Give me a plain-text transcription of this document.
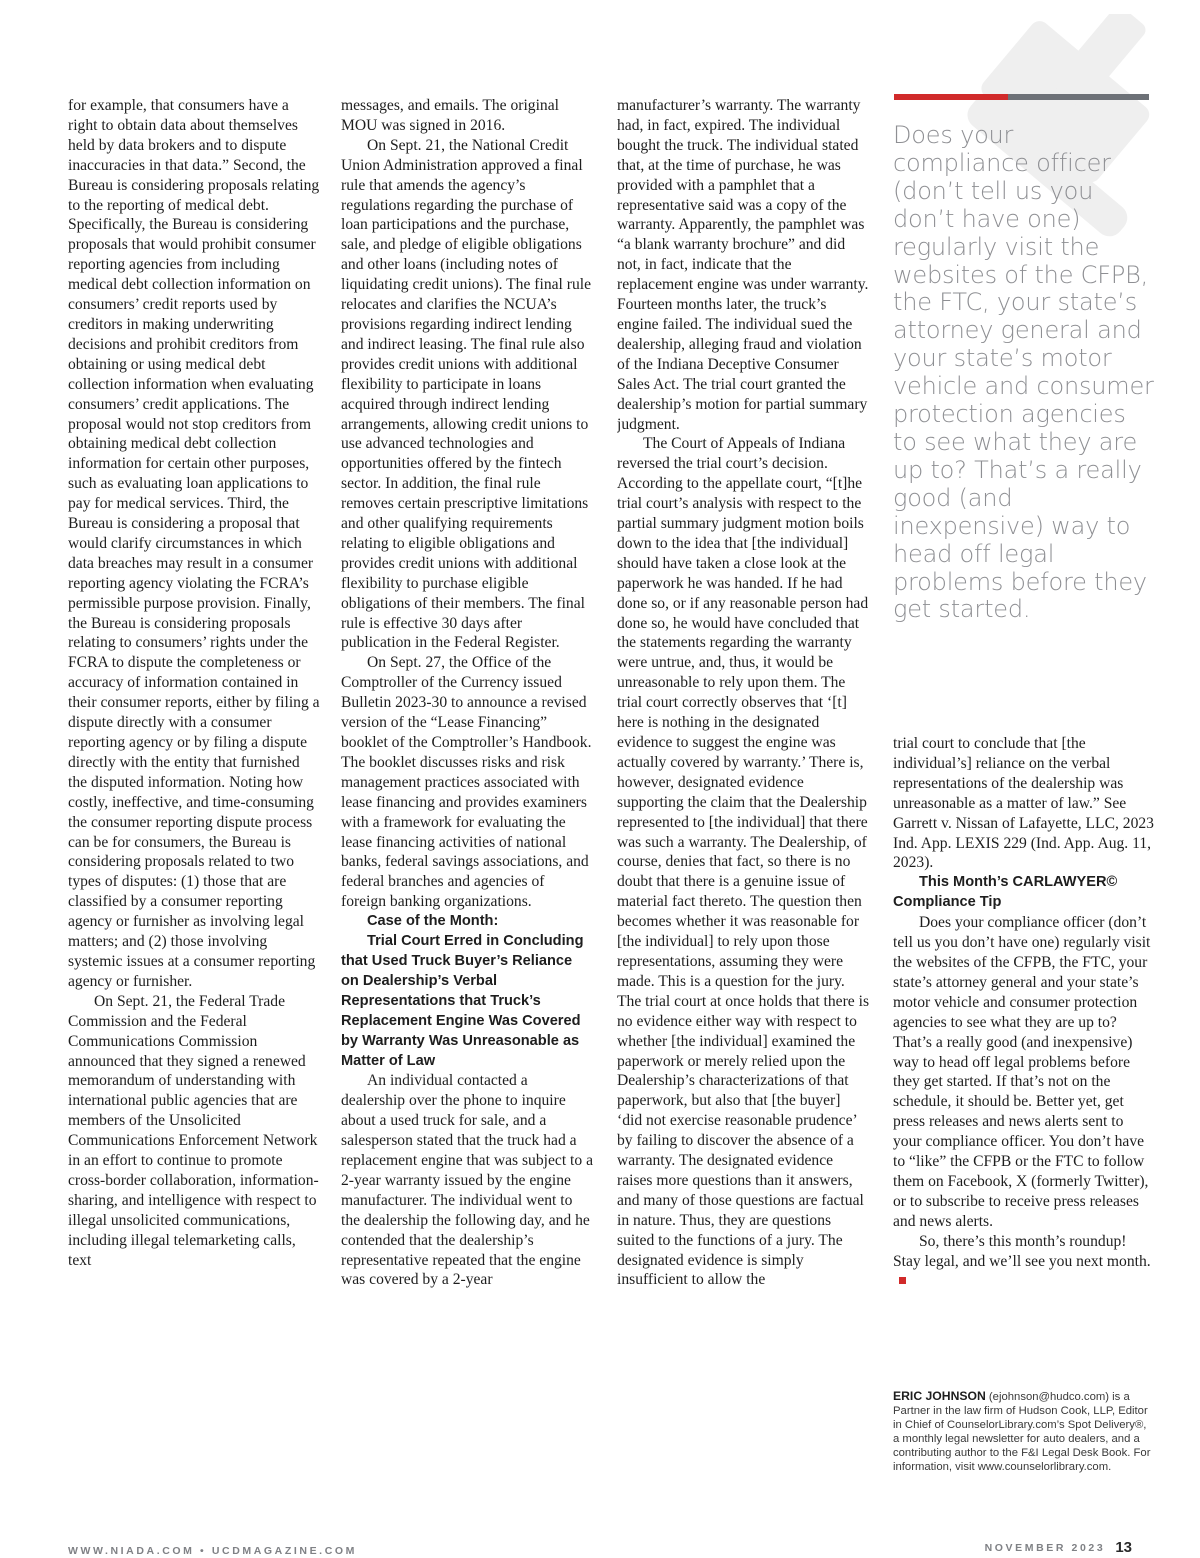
for example, that consumers have a right to obtain data about themselves held by data brokers and to dispute inaccuracies in that data.” Second, the Bureau is considering proposals relating to the reporting of medical debt. Specifically, the Bureau is considering proposals that would prohibit consumer reporting agencies from including medical debt collection information on consumers’ credit reports used by creditors in making underwriting decisions and prohibit creditors from obtaining or using medical debt collection information when evaluating consumers’ credit applications. The proposal would not stop creditors from obtaining medical debt collection information for certain other purposes, such as evaluating loan applications to pay for medical services. Third, the Bureau is considering a proposal that would clarify circumstances in which data breaches may result in a consumer reporting agency violating the FCRA’s permissible purpose provision. Finally, the Bureau is considering proposals relating to consumers’ rights under the FCRA to dispute the completeness or accuracy of information contained in their consumer reports, either by filing a dispute directly with a consumer reporting agency or by filing a dispute directly with the entity that furnished the disputed information. Noting how costly, ineffective, and time-consuming the consumer reporting dispute process can be for consumers, the Bureau is considering proposals related to two types of disputes: (1) those that are classified by a consumer reporting agency or furnisher as involving legal matters; and (2) those involving systemic issues at a consumer reporting agency or furnisher.

On Sept. 21, the Federal Trade Commission and the Federal Communications Commission announced that they signed a renewed memorandum of understanding with international public agencies that are members of the Unsolicited Communications Enforcement Network in an effort to continue to promote cross-border collaboration, information-sharing, and intelligence with respect to illegal unsolicited communications, including illegal telemarketing calls, text

messages, and emails. The original MOU was signed in 2016.

On Sept. 21, the National Credit Union Administration approved a final rule that amends the agency’s regulations regarding the purchase of loan participations and the purchase, sale, and pledge of eligible obligations and other loans (including notes of liquidating credit unions). The final rule relocates and clarifies the NCUA’s provisions regarding indirect lending and indirect leasing. The final rule also provides credit unions with additional flexibility to participate in loans acquired through indirect lending arrangements, allowing credit unions to use advanced technologies and opportunities offered by the fintech sector. In addition, the final rule removes certain prescriptive limitations and other qualifying requirements relating to eligible obligations and provides credit unions with additional flexibility to purchase eligible obligations of their members. The final rule is effective 30 days after publication in the Federal Register.

On Sept. 27, the Office of the Comptroller of the Currency issued Bulletin 2023-30 to announce a revised version of the “Lease Financing” booklet of the Comptroller’s Handbook. The booklet discusses risks and risk management practices associated with lease financing and provides examiners with a framework for evaluating the lease financing activities of national banks, federal savings associations, and federal branches and agencies of foreign banking organizations.

Case of the Month:

Trial Court Erred in Concluding that Used Truck Buyer’s Reliance on Dealership’s Verbal Representations that Truck’s Replacement Engine Was Covered by Warranty Was Unreasonable as Matter of Law

An individual contacted a dealership over the phone to inquire about a used truck for sale, and a salesperson stated that the truck had a replacement engine that was subject to a 2-year warranty issued by the engine manufacturer. The individual went to the dealership the following day, and he contended that the dealership’s representative repeated that the engine was covered by a 2-year

manufacturer’s warranty. The warranty had, in fact, expired. The individual bought the truck. The individual stated that, at the time of purchase, he was provided with a pamphlet that a representative said was a copy of the warranty. Apparently, the pamphlet was “a blank warranty brochure” and did not, in fact, indicate that the replacement engine was under warranty. Fourteen months later, the truck’s engine failed. The individual sued the dealership, alleging fraud and violation of the Indiana Deceptive Consumer Sales Act. The trial court granted the dealership’s motion for partial summary judgment.

The Court of Appeals of Indiana reversed the trial court’s decision. According to the appellate court, “[t]he trial court’s analysis with respect to the partial summary judgment motion boils down to the idea that [the individual] should have taken a close look at the paperwork he was handed. If he had done so, or if any reasonable person had done so, he would have concluded that the statements regarding the warranty were untrue, and, thus, it would be unreasonable to rely upon them. The trial court correctly observes that ‘[t] here is nothing in the designated evidence to suggest the engine was actually covered by warranty.’ There is, however, designated evidence supporting the claim that the Dealership represented to [the individual] that there was such a warranty. The Dealership, of course, denies that fact, so there is no doubt that there is a genuine issue of material fact thereto. The question then becomes whether it was reasonable for [the individual] to rely upon those representations, assuming they were made. This is a question for the jury. The trial court at once holds that there is no evidence either way with respect to whether [the individual] examined the paperwork or merely relied upon the Dealership’s characterizations of that paperwork, but also that [the buyer] ‘did not exercise reasonable prudence’ by failing to discover the absence of a warranty. The designated evidence raises more questions than it answers, and many of those questions are factual in nature. Thus, they are questions suited to the functions of a jury. The designated evidence is simply insufficient to allow the

Does your compliance officer (don’t tell us you don’t have one) regularly visit the websites of the CFPB, the FTC, your state’s attorney general and your state’s motor vehicle and consumer protection agencies to see what they are up to? That’s a really good (and inexpensive) way to head off legal problems before they get started.

trial court to conclude that [the individual’s] reliance on the verbal representations of the dealership was unreasonable as a matter of law.” See Garrett v. Nissan of Lafayette, LLC, 2023 Ind. App. LEXIS 229 (Ind. App. Aug. 11, 2023).

This Month’s CARLAWYER© Compliance Tip

Does your compliance officer (don’t tell us you don’t have one) regularly visit the websites of the CFPB, the FTC, your state’s attorney general and your state’s motor vehicle and consumer protection agencies to see what they are up to? That’s a really good (and inexpensive) way to head off legal problems before they get started. If that’s not on the schedule, it should be. Better yet, get press releases and news alerts sent to your compliance officer. You don’t have to “like” the CFPB or the FTC to follow them on Facebook, X (formerly Twitter), or to subscribe to receive press releases and news alerts.

So, there’s this month’s roundup! Stay legal, and we’ll see you next month.

ERIC JOHNSON (ejohnson@hudco.com) is a Partner in the law firm of Hudson Cook, LLP, Editor in Chief of CounselorLibrary.com’s Spot Delivery®, a monthly legal newsletter for auto dealers, and a contributing author to the F&I Legal Desk Book. For information, visit www.counselorlibrary.com.

WWW.NIADA.COM • UCDMAGAZINE.COM	NOVEMBER 2023 13
